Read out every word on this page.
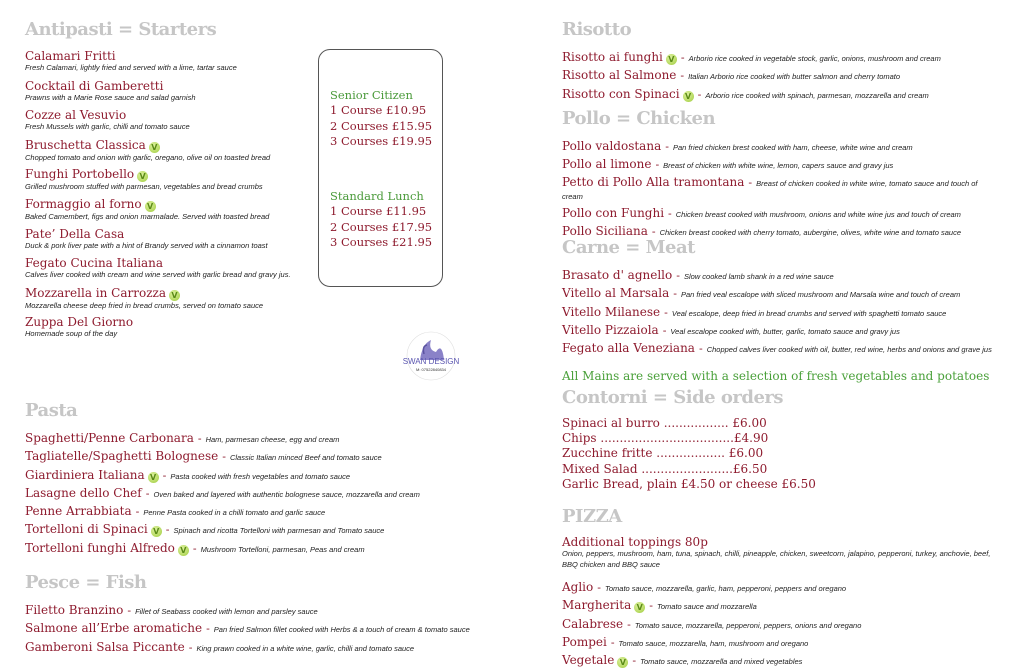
Antipasti = Starters
Calamari Fritti
Fresh Calamari, lightly fried and served with a lime, tartar sauce
Cocktail di Gamberetti
Prawns with a Marie Rose sauce and salad garnish
Cozze al Vesuvio
Fresh Mussels with garlic, chilli and tomato sauce
Bruschetta Classica V
Chopped tomato and onion with garlic, oregano, olive oil on toasted bread
Funghi Portobello V
Grilled mushroom stuffed with parmesan, vegetables and bread crumbs
Formaggio al forno V
Baked Camembert, figs and onion marmalade. Served with toasted bread
Pate’ Della Casa
Duck & pork liver pate with a hint of Brandy served with a cinnamon toast
Fegato Cucina Italiana
Calves liver cooked with cream and wine served with garlic bread and gravy jus.
Mozzarella in Carrozza V
Mozzarella cheese deep fried in bread crumbs, served on tomato sauce
Zuppa Del Giorno
Homemade soup of the day
Senior Citizen
1 Course £10.95
2 Courses £15.95
3 Courses £19.95
Standard Lunch
1 Course £11.95
2 Courses £17.95
3 Courses £21.95
SWAN DESIGN
M: 07522840834
Pasta
Spaghetti/Penne Carbonara - Ham, parmesan cheese, egg and cream
Tagliatelle/Spaghetti Bolognese - Classic Italian minced Beef and tomato sauce
Giardiniera Italiana V - Pasta cooked with fresh vegetables and tomato sauce
Lasagne dello Chef - Oven baked and layered with authentic bolognese sauce, mozzarella and cream
Penne Arrabbiata - Penne Pasta cooked in a chilli tomato and garlic sauce
Tortelloni di Spinaci V - Spinach and ricotta Tortelloni with parmesan and Tomato sauce
Tortelloni funghi Alfredo V - Mushroom Tortelloni, parmesan, Peas and cream
Pesce = Fish
Filetto Branzino - Fillet of Seabass cooked with lemon and parsley sauce
Salmone all’Erbe aromatiche - Pan fried Salmon fillet cooked with Herbs & a touch of cream & tomato sauce
Gamberoni Salsa Piccante - King prawn cooked in a white wine, garlic, chilli and tomato sauce
Risotto
Risotto ai funghi V - Arborio rice cooked in vegetable stock, garlic, onions, mushroom and cream
Risotto al Salmone - Italian Arborio rice cooked with butter salmon and cherry tomato
Risotto con Spinaci V - Arborio rice cooked with spinach, parmesan, mozzarella and cream
Pollo = Chicken
Pollo valdostana - Pan fried chicken brest cooked with ham, cheese, white wine and cream
Pollo al limone - Breast of chicken with white wine, lemon, capers sauce and gravy jus
Petto di Pollo Alla tramontana - Breast of chicken cooked in white wine, tomato sauce and touch of cream
Pollo con Funghi - Chicken breast cooked with mushroom, onions and white wine jus and touch of cream
Pollo Siciliana - Chicken breast cooked with cherry tomato, aubergine, olives, white wine and tomato sauce
Carne = Meat
Brasato d' agnello - Slow cooked lamb shank in a red wine sauce
Vitello al Marsala - Pan fried veal escalope with sliced mushroom and Marsala wine and touch of cream
Vitello Milanese - Veal escalope, deep fried in bread crumbs and served with spaghetti tomato sauce
Vitello Pizzaiola - Veal escalope cooked with, butter, garlic, tomato sauce and gravy jus
Fegato alla Veneziana - Chopped calves liver cooked with oil, butter, red wine, herbs and onions and grave jus
All Mains are served with a selection of fresh vegetables and potatoes
Contorni = Side orders
Spinaci al burro ................. £6.00
Chips ...................................£4.90
Zucchine fritte .................. £6.00
Mixed Salad ........................£6.50
Garlic Bread, plain £4.50 or cheese £6.50
PIZZA
Additional toppings 80p
Onion, peppers, mushroom, ham, tuna, spinach, chilli, pineapple, chicken, sweetcorn, jalapino, pepperoni, turkey, anchovie, beef, BBQ chicken and BBQ sauce
Aglio - Tomato sauce, mozzarella, garlic, ham, pepperoni, peppers and oregano
Margherita V - Tomato sauce and mozzarella
Calabrese - Tomato sauce, mozzarella, pepperoni, peppers, onions and oregano
Pompei - Tomato sauce, mozzarella, ham, mushroom and oregano
Vegetale V - Tomato sauce, mozzarella and mixed vegetables
